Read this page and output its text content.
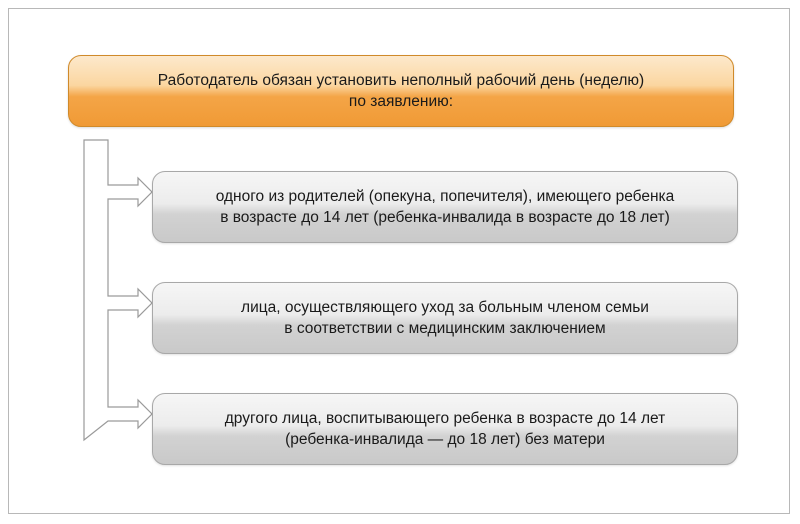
Работодатель обязан установить неполный рабочий день (неделю)
по заявлению:
одного из родителей (опекуна, попечителя), имеющего ребенка
в возрасте до 14 лет (ребенка-инвалида в возрасте до 18 лет)
лица, осуществляющего уход за больным членом семьи
в соответствии с медицинским заключением
другого лица, воспитывающего ребенка в возрасте до 14 лет
(ребенка-инвалида — до 18 лет) без матери
